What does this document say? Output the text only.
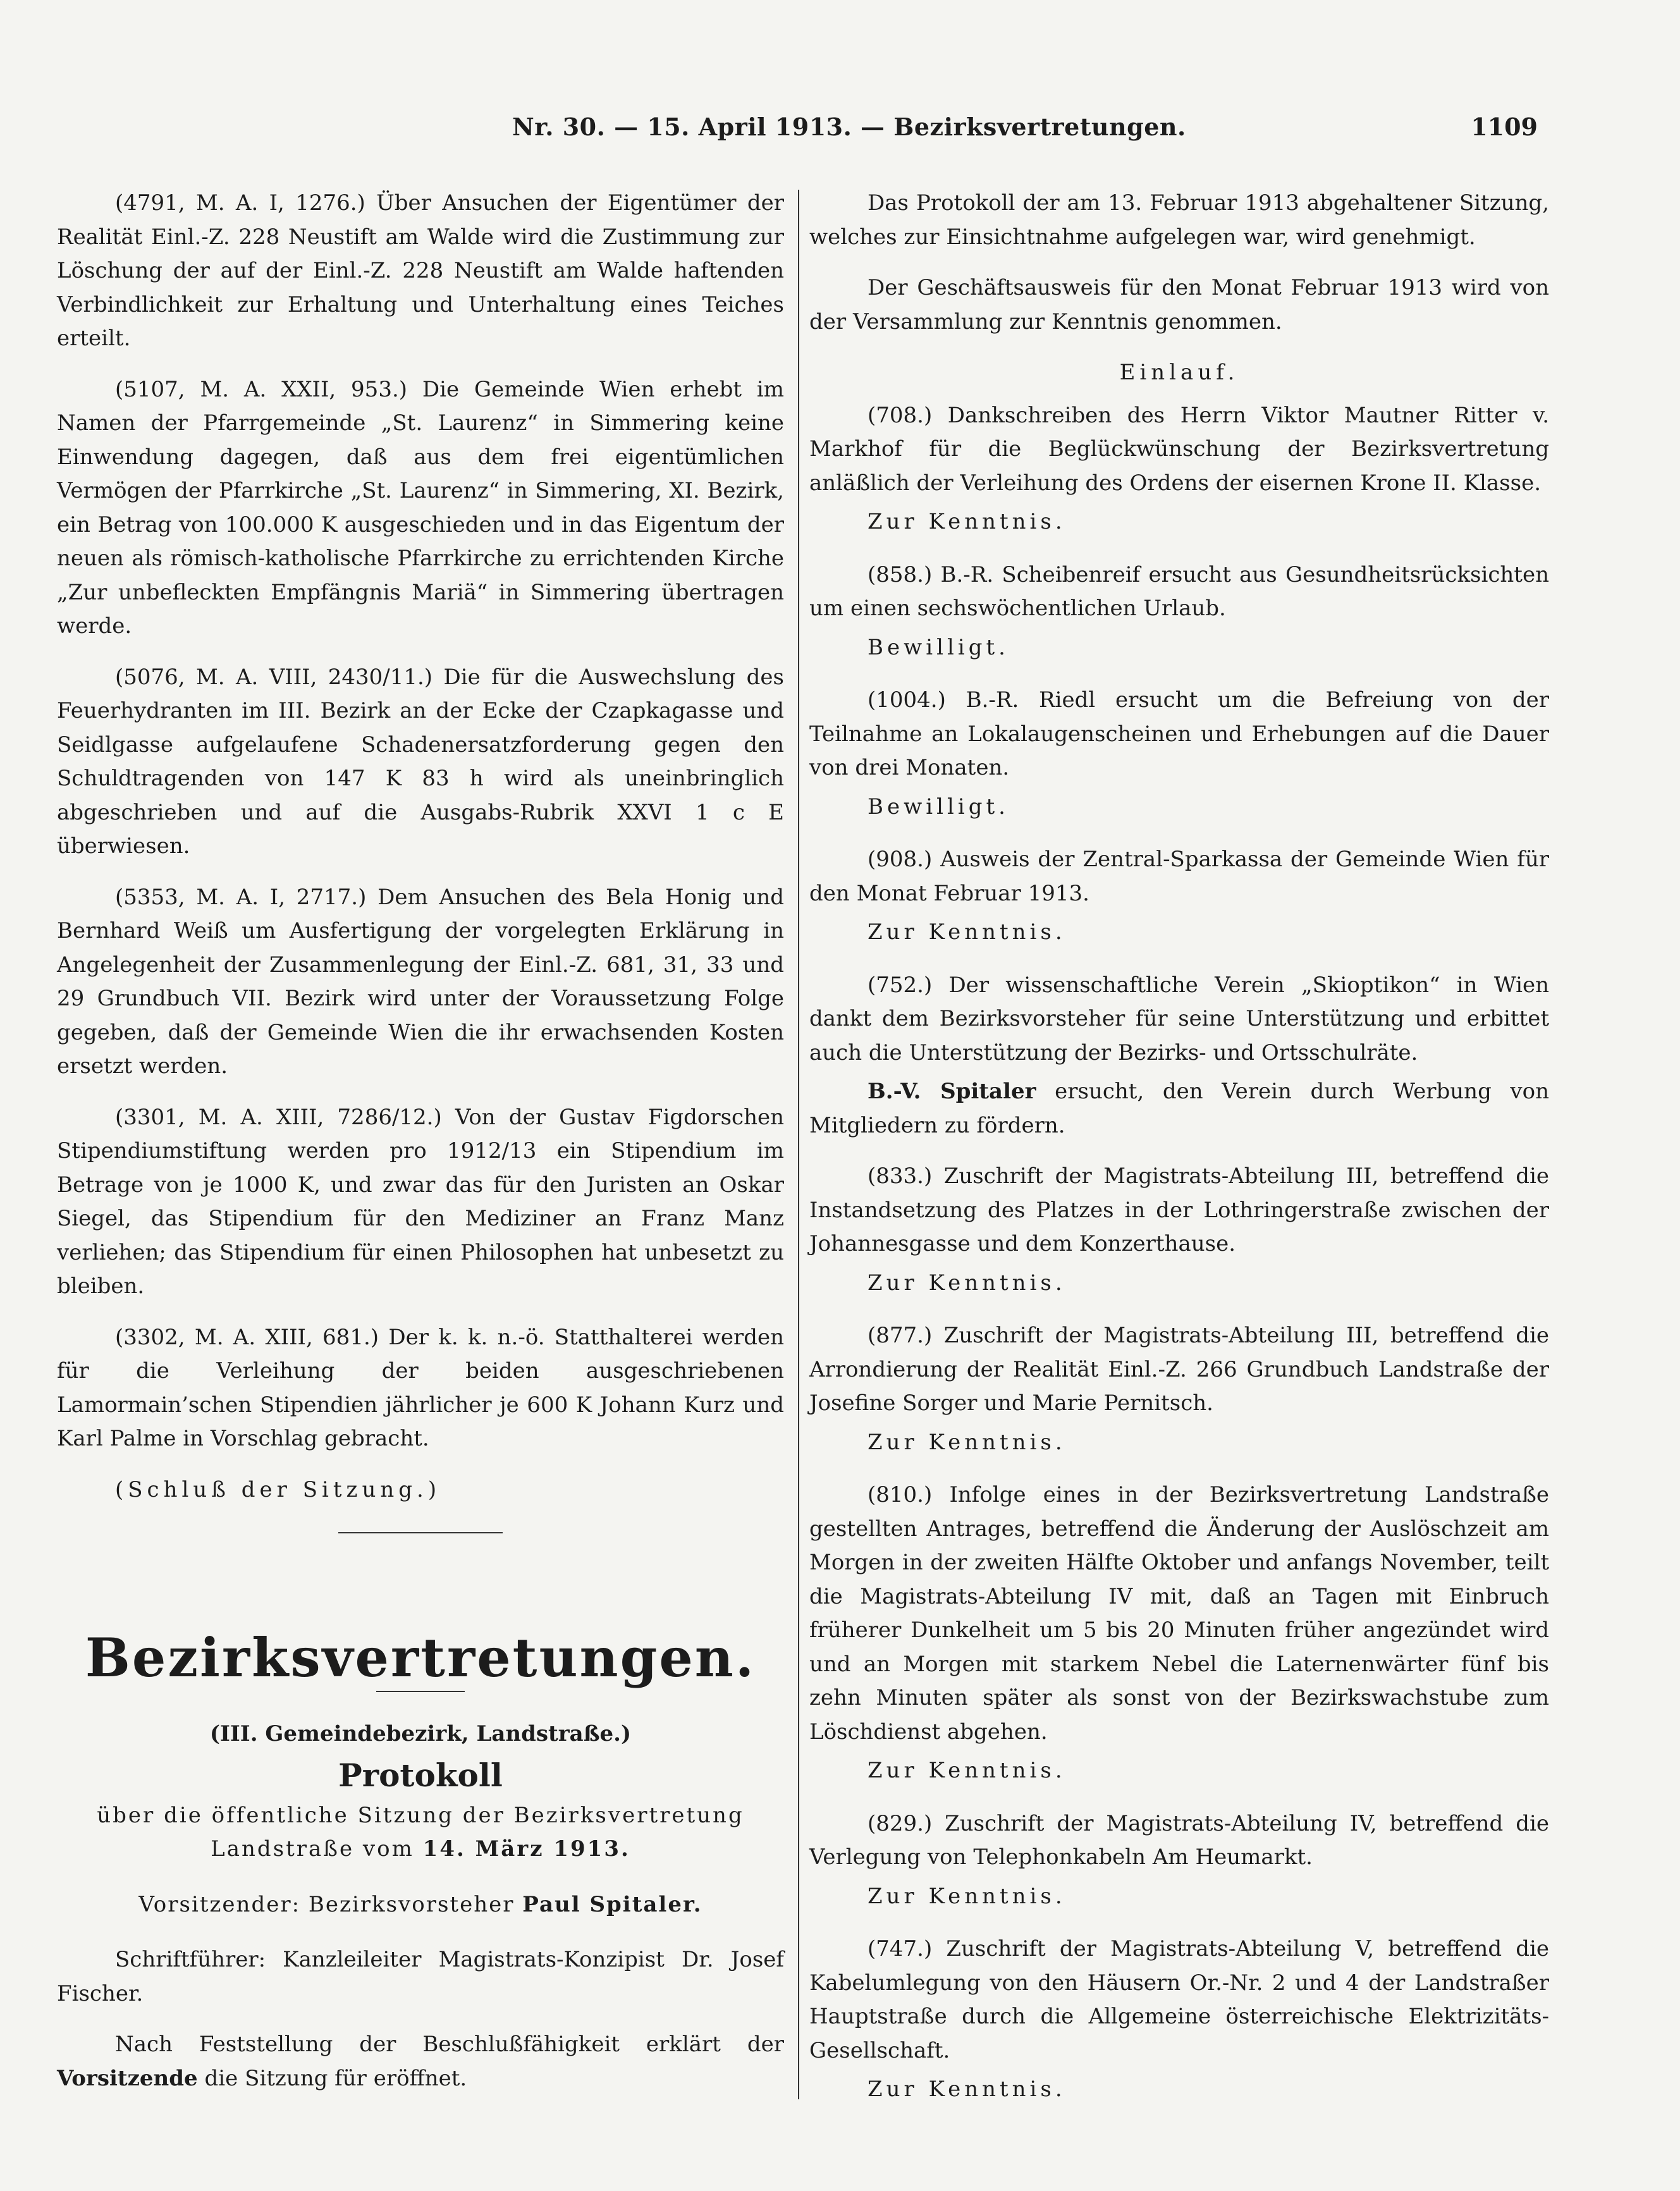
Nr. 30. — 15. April 1913. — Bezirksvertretungen.	1109

(4791, M. A. I, 1276.) Über Ansuchen der Eigentümer der Realität Einl.-Z. 228 Neustift am Walde wird die Zustimmung zur Löschung der auf der Einl.-Z. 228 Neustift am Walde haftenden Verbindlichkeit zur Erhaltung und Unterhaltung eines Teiches erteilt.

(5107, M. A. XXII, 953.) Die Gemeinde Wien erhebt im Namen der Pfarrgemeinde „St. Laurenz“ in Simmering keine Einwendung dagegen, daß aus dem frei eigentümlichen Vermögen der Pfarrkirche „St. Laurenz“ in Simmering, XI. Bezirk, ein Betrag von 100.000 K ausgeschieden und in das Eigentum der neuen als römisch-katholische Pfarrkirche zu errichtenden Kirche „Zur unbefleckten Empfängnis Mariä“ in Simmering übertragen werde.

(5076, M. A. VIII, 2430/11.) Die für die Auswechslung des Feuerhydranten im III. Bezirk an der Ecke der Czapkagasse und Seidlgasse aufgelaufene Schadenersatzforderung gegen den Schuldtragenden von 147 K 83 h wird als uneinbringlich abgeschrieben und auf die Ausgabs-Rubrik XXVI 1 c E überwiesen.

(5353, M. A. I, 2717.) Dem Ansuchen des Bela Honig und Bernhard Weiß um Ausfertigung der vorgelegten Erklärung in Angelegenheit der Zusammenlegung der Einl.-Z. 681, 31, 33 und 29 Grundbuch VII. Bezirk wird unter der Voraussetzung Folge gegeben, daß der Gemeinde Wien die ihr erwachsenden Kosten ersetzt werden.

(3301, M. A. XIII, 7286/12.) Von der Gustav Figdorschen Stipendiumstiftung werden pro 1912/13 ein Stipendium im Betrage von je 1000 K, und zwar das für den Juristen an Oskar Siegel, das Stipendium für den Mediziner an Franz Manz verliehen; das Stipendium für einen Philosophen hat unbesetzt zu bleiben.

(3302, M. A. XIII, 681.) Der k. k. n.-ö. Statthalterei werden für die Verleihung der beiden ausgeschriebenen Lamormain’schen Stipendien jährlicher je 600 K Johann Kurz und Karl Palme in Vorschlag gebracht.

(Schluß der Sitzung.)

Bezirksvertretungen.

(III. Gemeindebezirk, Landstraße.)

Protokoll

über die öffentliche Sitzung der Bezirksvertretung

Landstraße vom 14. März 1913.

Vorsitzender: Bezirksvorsteher Paul Spitaler.

Schriftführer: Kanzleileiter Magistrats-Konzipist Dr. Josef Fischer.

Nach Feststellung der Beschlußfähigkeit erklärt der Vorsitzende die Sitzung für eröffnet.

Das Protokoll der am 13. Februar 1913 abgehaltener Sitzung, welches zur Einsichtnahme aufgelegen war, wird genehmigt.

Der Geschäftsausweis für den Monat Februar 1913 wird von der Versammlung zur Kenntnis genommen.

Einlauf.

(708.) Dankschreiben des Herrn Viktor Mautner Ritter v. Markhof für die Beglückwünschung der Bezirksvertretung anläßlich der Verleihung des Ordens der eisernen Krone II. Klasse.

Zur Kenntnis.

(858.) B.-R. Scheibenreif ersucht aus Gesundheitsrücksichten um einen sechswöchentlichen Urlaub.

Bewilligt.

(1004.) B.-R. Riedl ersucht um die Befreiung von der Teilnahme an Lokalaugenscheinen und Erhebungen auf die Dauer von drei Monaten.

Bewilligt.

(908.) Ausweis der Zentral-Sparkassa der Gemeinde Wien für den Monat Februar 1913.

Zur Kenntnis.

(752.) Der wissenschaftliche Verein „Skioptikon“ in Wien dankt dem Bezirksvorsteher für seine Unterstützung und erbittet auch die Unterstützung der Bezirks- und Ortsschulräte.

B.-V. Spitaler ersucht, den Verein durch Werbung von Mitgliedern zu fördern.

(833.) Zuschrift der Magistrats-Abteilung III, betreffend die Instandsetzung des Platzes in der Lothringerstraße zwischen der Johannesgasse und dem Konzerthause.

Zur Kenntnis.

(877.) Zuschrift der Magistrats-Abteilung III, betreffend die Arrondierung der Realität Einl.-Z. 266 Grundbuch Landstraße der Josefine Sorger und Marie Pernitsch.

Zur Kenntnis.

(810.) Infolge eines in der Bezirksvertretung Landstraße gestellten Antrages, betreffend die Änderung der Auslöschzeit am Morgen in der zweiten Hälfte Oktober und anfangs November, teilt die Magistrats-Abteilung IV mit, daß an Tagen mit Einbruch früherer Dunkelheit um 5 bis 20 Minuten früher angezündet wird und an Morgen mit starkem Nebel die Laternenwärter fünf bis zehn Minuten später als sonst von der Bezirkswachstube zum Löschdienst abgehen.

Zur Kenntnis.

(829.) Zuschrift der Magistrats-Abteilung IV, betreffend die Verlegung von Telephonkabeln Am Heumarkt.

Zur Kenntnis.

(747.) Zuschrift der Magistrats-Abteilung V, betreffend die Kabelumlegung von den Häusern Or.-Nr. 2 und 4 der Landstraßer Hauptstraße durch die Allgemeine österreichische Elektrizitäts-Gesellschaft.

Zur Kenntnis.
